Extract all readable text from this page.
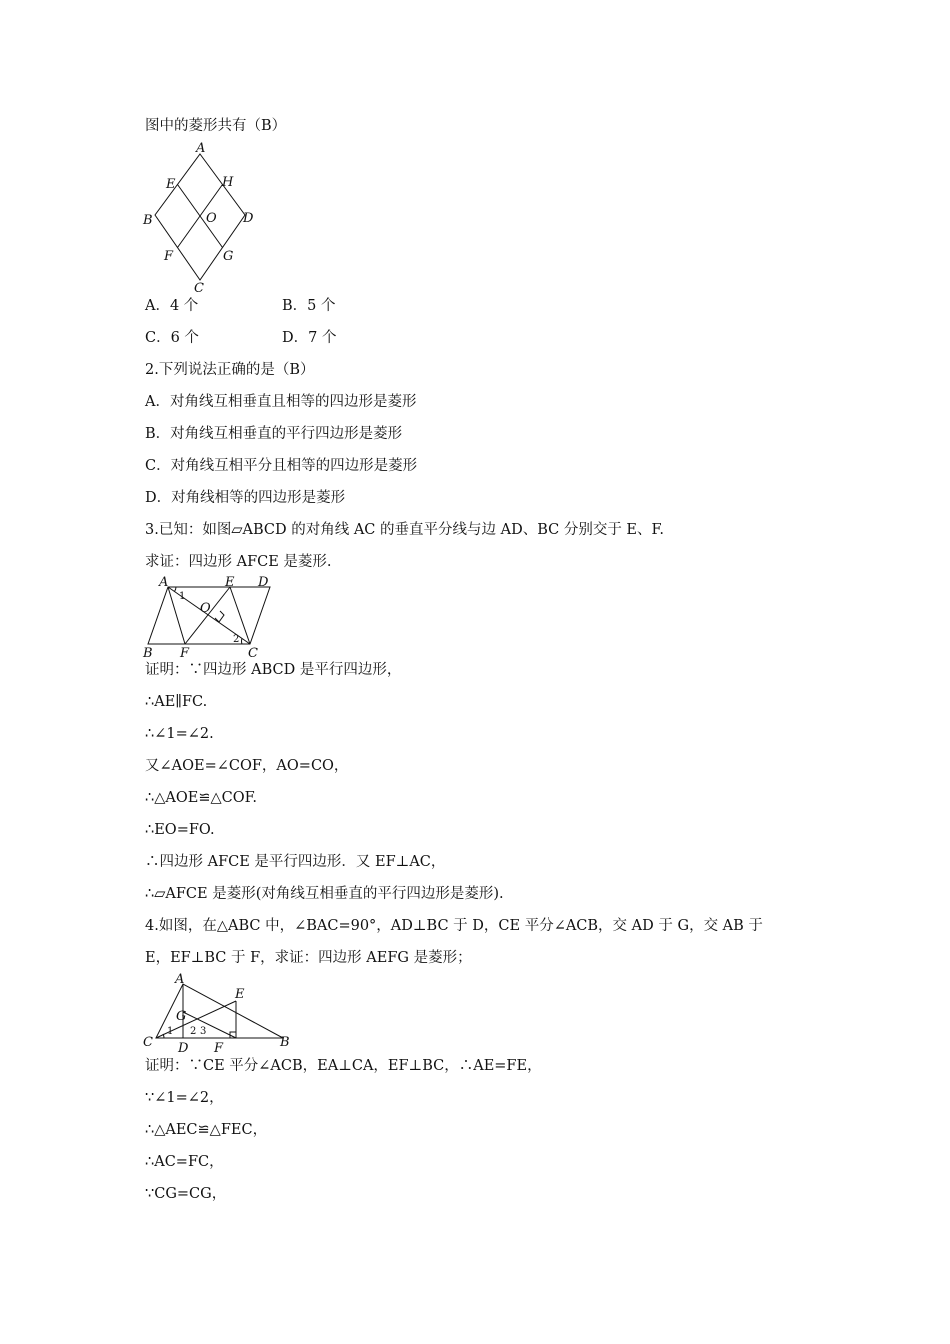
图中的菱形共有（B）
A
E	H
B	O D
F	G
C
A．4 个	B．5 个
C．6 个	D．7 个
2.下列说法正确的是（B）
A．对角线互相垂直且相等的四边形是菱形
B．对角线互相垂直的平行四边形是菱形
C．对角线互相平分且相等的四边形是菱形
D．对角线相等的四边形是菱形
3.已知：如图▱ABCD 的对角线 AC 的垂直平分线与边 AD、BC 分别交于 E、F.
求证：四边形 AFCE 是菱形.
A	E D
O
1
2
B F	C
证明：∵四边形 ABCD 是平行四边形，
∴AE∥FC.
∴∠1=∠2.
又∠AOE=∠COF，AO=CO，
∴△AOE≌△COF.
∴EO=FO.
∴四边形 AFCE 是平行四边形．又 EF⊥AC，
∴▱AFCE 是菱形(对角线互相垂直的平行四边形是菱形).
4.如图，在△ABC 中，∠BAC=90°，AD⊥BC 于 D，CE 平分∠ACB，交 AD 于 G，交 AB 于
E，EF⊥BC 于 F，求证：四边形 AEFG 是菱形；
A
E
G
1 2 3
C D F	B
证明：∵CE 平分∠ACB，EA⊥CA，EF⊥BC，∴AE=FE，
∵∠1=∠2，
∴△AEC≌△FEC，
∴AC=FC，
∵CG=CG，
